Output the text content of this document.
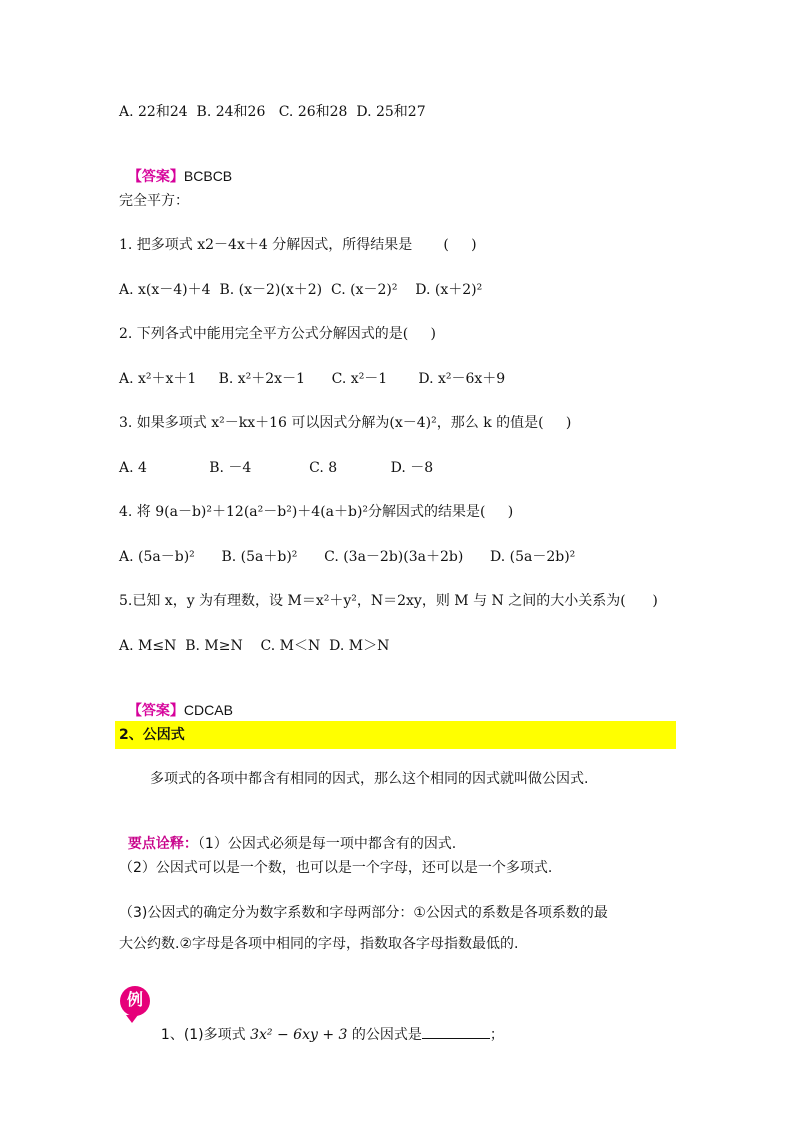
A. 22和24  B. 24和26   C. 26和28  D. 25和27

【答案】BCBCB

完全平方：
1. 把多项式 x2－4x＋4 分解因式，所得结果是       (     )
A. x(x－4)＋4  B. (x－2)(x＋2)  C. (x－2)²    D. (x＋2)²
2. 下列各式中能用完全平方公式分解因式的是(     )
A. x²＋x＋1     B. x²＋2x－1      C. x²－1       D. x²－6x＋9
3. 如果多项式 x²－kx＋16 可以因式分解为(x－4)²，那么 k 的值是(     )
A. 4              B. －4             C. 8            D. －8
4. 将 9(a－b)²＋12(a²－b²)＋4(a＋b)²分解因式的结果是(     )
A. (5a－b)²      B. (5a＋b)²      C. (3a－2b)(3a＋2b)      D. (5a－2b)²
5.已知 x，y 为有理数，设 M＝x²＋y²，N＝2xy，则 M 与 N 之间的大小关系为(      )
A. M≤N  B. M≥N    C. M＜N  D. M＞N

【答案】CDCAB

2、公因式
多项式的各项中都含有相同的因式，那么这个相同的因式就叫做公因式.

要点诠释：（1）公因式必须是每一项中都含有的因式.

（2）公因式可以是一个数，也可以是一个字母，还可以是一个多项式.
（3)公因式的确定分为数字系数和字母两部分：①公因式的系数是各项系数的最
大公约数.②字母是各项中相同的字母，指数取各字母指数最低的.
例

1、(1)多项式 3x² − 6xy + 3 的公因式是	；
